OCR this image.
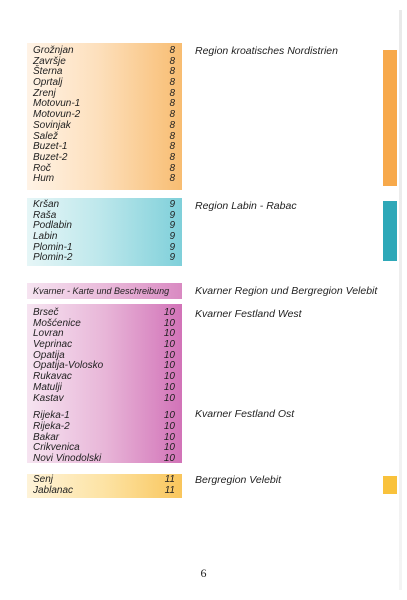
Grožnjan	8
Završje	8
Šterna	8
Oprtalj	8
Zrenj	8
Motovun-1	8
Motovun-2	8
Sovinjak	8
Salež	8
Buzet-1	8
Buzet-2	8
Roč	8
Hum	8
Region kroatisches Nordistrien
Kršan	9
Raša	9
Podlabin	9
Labin	9
Plomin-1	9
Plomin-2	9
Region Labin - Rabac
Kvarner - Karte und Beschreibung Kvarner Region und Bergregion Velebit
Brseč	10
Mošćenice	10
Lovran	10
Veprinac	10
Opatija	10
Opatija-Volosko	10
Rukavac	10
Matulji	10
Kastav	10
Rijeka-1	10
Rijeka-2	10
Bakar	10
Crikvenica	10
Novi Vinodolski	10
Kvarner Festland West
Kvarner Festland Ost
Senj	11
Jablanac	11
Bergregion Velebit
6
